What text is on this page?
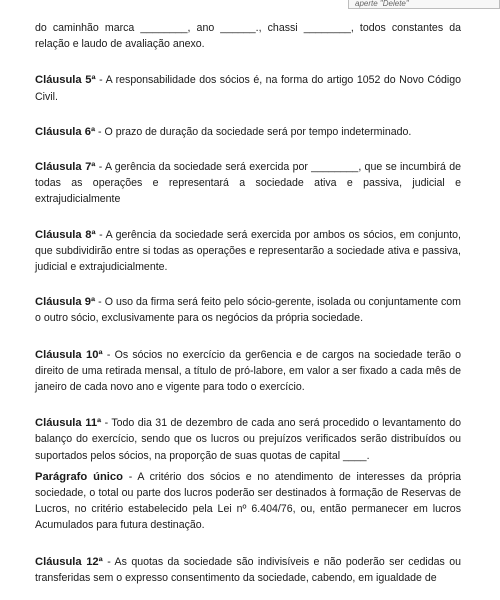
aperte "Delete"

do caminhão marca ________, ano ______., chassi ________, todos constantes da relação e laudo de avaliação anexo.

Cláusula 5ª - A responsabilidade dos sócios é, na forma do artigo 1052 do Novo Código Civil.

Cláusula 6ª - O prazo de duração da sociedade será por tempo indeterminado.

Cláusula 7ª - A gerência da sociedade será exercida por ________, que se incumbirá de todas as operações e representará a sociedade ativa e passiva, judicial e extrajudicialmente

Cláusula 8ª - A gerência da sociedade será exercida por ambos os sócios, em conjunto, que subdividirão entre si todas as operações e representarão a sociedade ativa e passiva, judicial e extrajudicialmente.

Cláusula 9ª - O uso da firma será feito pelo sócio-gerente, isolada ou conjuntamente com o outro sócio, exclusivamente para os negócios da própria sociedade.

Cláusula 10ª - Os sócios no exercício da ger6encia e de cargos na sociedade terão o direito de uma retirada mensal, a título de pró-labore, em valor a ser fixado a cada mês de janeiro de cada novo ano e vigente para todo o exercício.

Cláusula 11ª - Todo dia 31 de dezembro de cada ano será procedido o levantamento do balanço do exercício, sendo que os lucros ou prejuízos verificados serão distribuídos ou suportados pelos sócios, na proporção de suas quotas de capital ____.

Parágrafo único - A critério dos sócios e no atendimento de interesses da própria sociedade, o total ou parte dos lucros poderão ser destinados à formação de Reservas de Lucros, no critério estabelecido pela Lei nº 6.404/76, ou, então permanecer em lucros Acumulados para futura destinação.

Cláusula 12ª - As quotas da sociedade são indivisíveis e não poderão ser cedidas ou transferidas sem o expresso consentimento da sociedade, cabendo, em igualdade de
